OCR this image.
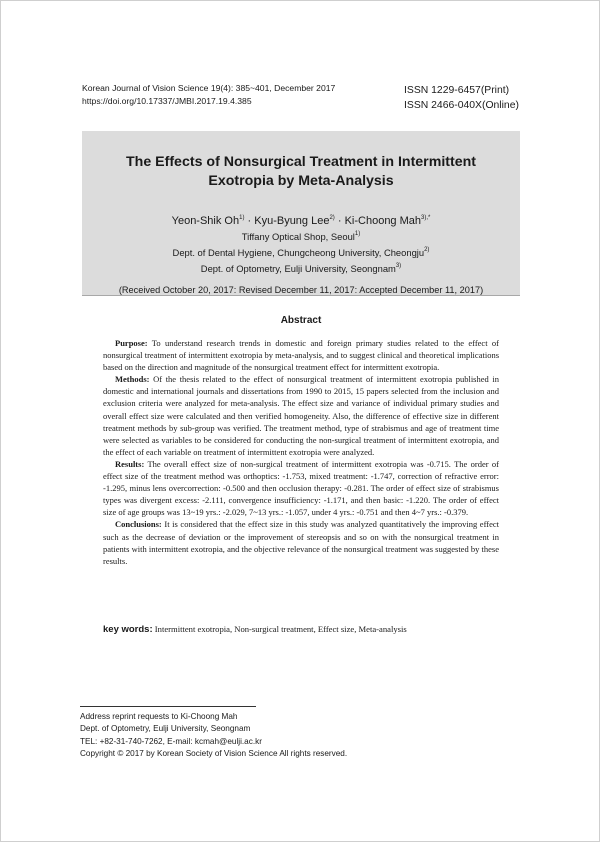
Korean Journal of Vision Science 19(4): 385~401, December 2017
https://doi.org/10.17337/JMBI.2017.19.4.385
ISSN 1229-6457(Print)
ISSN 2466-040X(Online)
The Effects of Nonsurgical Treatment in Intermittent
Exotropia by Meta-Analysis
Yeon-Shik $Oh^{1)}$ · Kyu-Byung Lee$^{2)}$ · Ki-Choong Mah$^{3),*}$
Tiffany Optical Shop, Seoul$^{1)}$
Dept. of Dental Hygiene, Chungcheong University, Cheongju$^{2)}$
Dept. of Optometry, Eulji University, Seongnam$^{3)}$
(Received October 20, 2017: Revised December 11, 2017: Accepted December 11, 2017)
Abstract

Purpose: To understand research trends in domestic and foreign primary studies related to the effect of nonsurgical treatment of intermittent exotropia by meta-analysis, and to suggest clinical and theoretical implications based on the direction and magnitude of the nonsurgical treatment effect for intermittent exotropia.

Methods: Of the thesis related to the effect of nonsurgical treatment of intermittent exotropia published in domestic and international journals and dissertations from 1990 to 2015, 15 papers selected from the inclusion and exclusion criteria were analyzed for meta-analysis. The effect size and variance of individual primary studies and overall effect size were calculated and then verified homogeneity. Also, the difference of effective size in different treatment methods by sub-group was verified. The treatment method, type of strabismus and age of treatment time were selected as variables to be considered for conducting the non-surgical treatment of intermittent exotropia, and the effect of each variable on treatment of intermittent exotropia were analyzed.

Results: The overall effect size of non-surgical treatment of intermittent exotropia was -0.715. The order of effect size of the treatment method was orthoptics: -1.753, mixed treatment: -1.747, correction of refractive error: -1.295, minus lens overcorrection: -0.500 and then occlusion therapy: -0.281. The order of effect size of strabismus types was divergent excess: -2.111, convergence insufficiency: -1.171, and then basic: -1.220. The order of effect size of age groups was 13~19 yrs.: -2.029, 7~13 yrs.: -1.057, under 4 yrs.: -0.751 and then 4~7 yrs.: -0.379.

Conclusions: It is considered that the effect size in this study was analyzed quantitatively the improving effect such as the decrease of deviation or the improvement of stereopsis and so on with the nonsurgical treatment in patients with intermittent exotropia, and the objective relevance of the nonsurgical treatment was suggested by these results.

key words: Intermittent exotropia, Non-surgical treatment, Effect size, Meta-analysis
Address reprint requests to Ki-Choong Mah
Dept. of Optometry, Eulji University, Seongnam
TEL: +82-31-740-7262, E-mail: kcmah@eulji.ac.kr
Copyright © 2017 by Korean Society of Vision Science All rights reserved.
